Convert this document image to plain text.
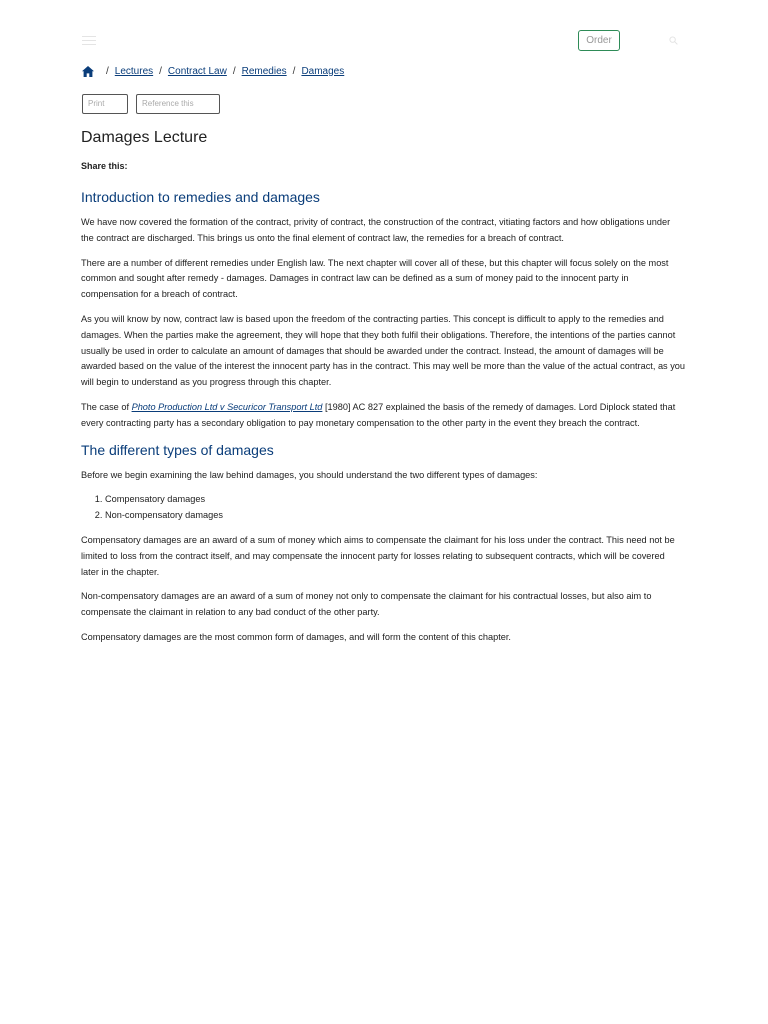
Order
/ Lectures / Contract Law / Remedies / Damages
Print	Reference this
Damages Lecture
Share this:
Introduction to remedies and damages

We have now covered the formation of the contract, privity of contract, the construction of the contract, vitiating factors and how obligations under the contract are discharged. This brings us onto the final element of contract law, the remedies for a breach of contract.

There are a number of different remedies under English law. The next chapter will cover all of these, but this chapter will focus solely on the most common and sought after remedy - damages. Damages in contract law can be defined as a sum of money paid to the innocent party in compensation for a breach of contract.

As you will know by now, contract law is based upon the freedom of the contracting parties. This concept is difficult to apply to the remedies and damages. When the parties make the agreement, they will hope that they both fulfil their obligations. Therefore, the intentions of the parties cannot usually be used in order to calculate an amount of damages that should be awarded under the contract. Instead, the amount of damages will be awarded based on the value of the interest the innocent party has in the contract. This may well be more than the value of the actual contract, as you will begin to understand as you progress through this chapter.

The case of Photo Production Ltd v Securicor Transport Ltd [1980] AC 827 explained the basis of the remedy of damages. Lord Diplock stated that every contracting party has a secondary obligation to pay monetary compensation to the other party in the event they breach the contract.

The different types of damages

Before we begin examining the law behind damages, you should understand the two different types of damages:

1. Compensatory damages
2. Non-compensatory damages

Compensatory damages are an award of a sum of money which aims to compensate the claimant for his loss under the contract. This need not be limited to loss from the contract itself, and may compensate the innocent party for losses relating to subsequent contracts, which will be covered later in the chapter.

Non-compensatory damages are an award of a sum of money not only to compensate the claimant for his contractual losses, but also aim to compensate the claimant in relation to any bad conduct of the other party.

Compensatory damages are the most common form of damages, and will form the content of this chapter.
